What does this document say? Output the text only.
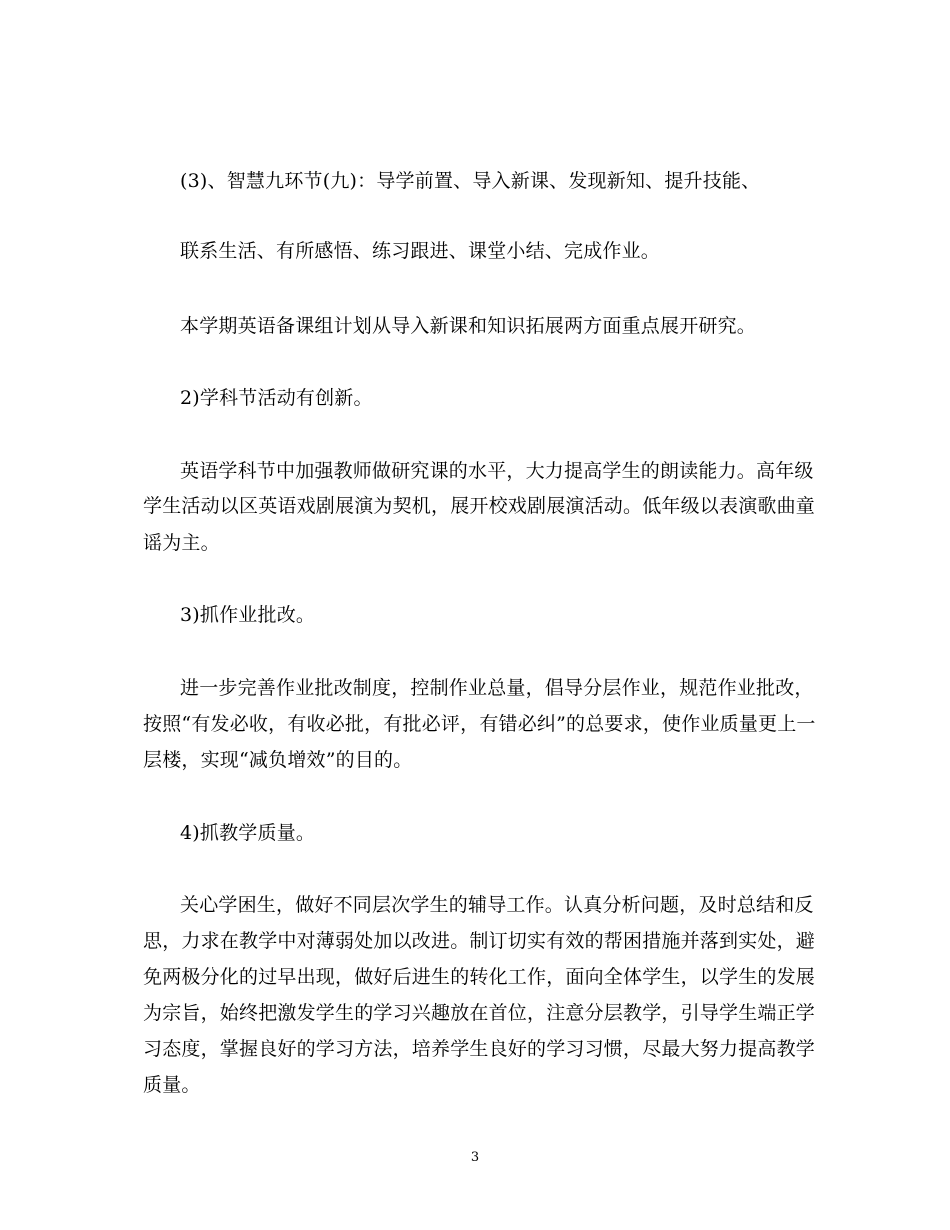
(3)、智慧九环节(九)：导学前置、导入新课、发现新知、提升技能、
联系生活、有所感悟、练习跟进、课堂小结、完成作业。
本学期英语备课组计划从导入新课和知识拓展两方面重点展开研究。
2)学科节活动有创新。
英语学科节中加强教师做研究课的水平，大力提高学生的朗读能力。高年级
学生活动以区英语戏剧展演为契机，展开校戏剧展演活动。低年级以表演歌曲童
谣为主。
3)抓作业批改。
进一步完善作业批改制度，控制作业总量，倡导分层作业，规范作业批改，
按照“有发必收，有收必批，有批必评，有错必纠”的总要求，使作业质量更上一
层楼，实现“减负增效”的目的。
4)抓教学质量。
关心学困生，做好不同层次学生的辅导工作。认真分析问题，及时总结和反
思，力求在教学中对薄弱处加以改进。制订切实有效的帮困措施并落到实处，避
免两极分化的过早出现，做好后进生的转化工作，面向全体学生，以学生的发展
为宗旨，始终把激发学生的学习兴趣放在首位，注意分层教学，引导学生端正学
习态度，掌握良好的学习方法，培养学生良好的学习习惯，尽最大努力提高教学
质量。
3
